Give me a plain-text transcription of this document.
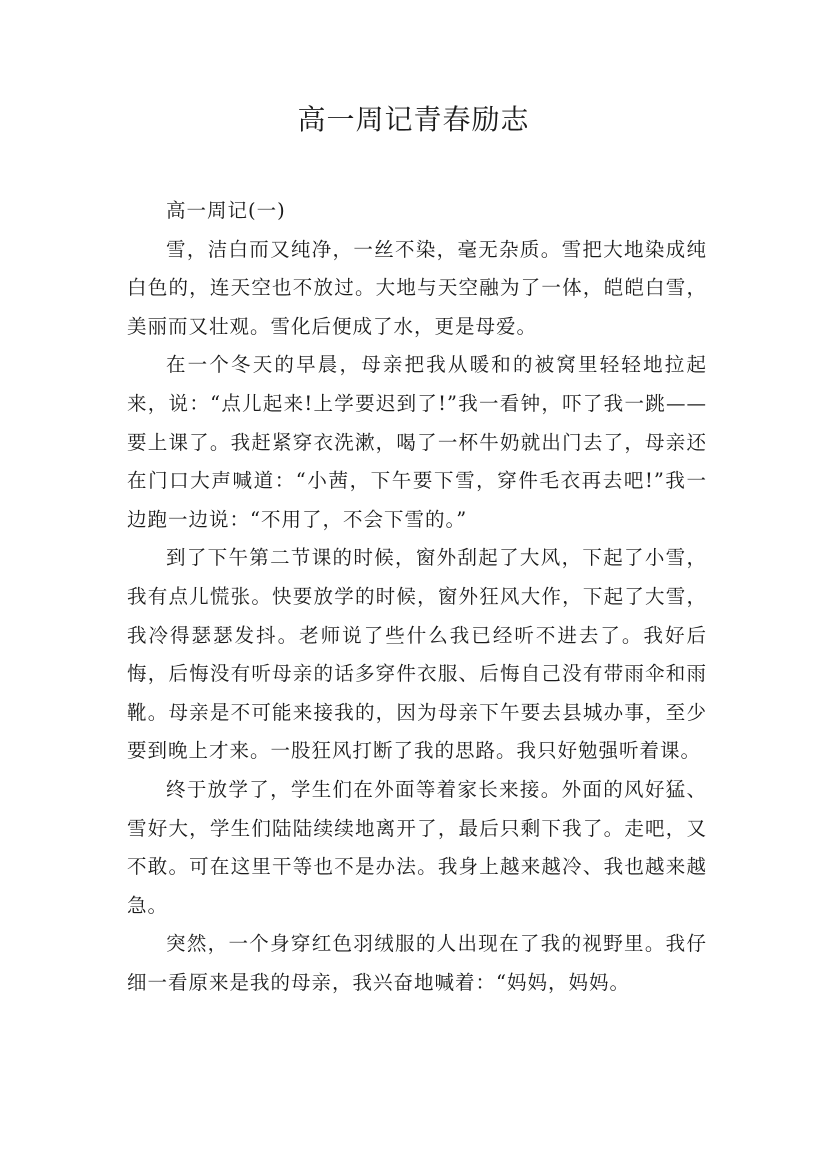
高一周记青春励志

高一周记(一)

雪，洁白而又纯净，一丝不染，毫无杂质。雪把大地染成纯白色的，连天空也不放过。大地与天空融为了一体，皑皑白雪，美丽而又壮观。雪化后便成了水，更是母爱。

在一个冬天的早晨，母亲把我从暖和的被窝里轻轻地拉起来，说：“点儿起来!上学要迟到了!”我一看钟，吓了我一跳——要上课了。我赶紧穿衣洗漱，喝了一杯牛奶就出门去了，母亲还在门口大声喊道：“小茜，下午要下雪，穿件毛衣再去吧!”我一边跑一边说：“不用了，不会下雪的。”

到了下午第二节课的时候，窗外刮起了大风，下起了小雪，我有点儿慌张。快要放学的时候，窗外狂风大作，下起了大雪，我冷得瑟瑟发抖。老师说了些什么我已经听不进去了。我好后悔，后悔没有听母亲的话多穿件衣服、后悔自己没有带雨伞和雨靴。母亲是不可能来接我的，因为母亲下午要去县城办事，至少要到晚上才来。一股狂风打断了我的思路。我只好勉强听着课。

终于放学了，学生们在外面等着家长来接。外面的风好猛、雪好大，学生们陆陆续续地离开了，最后只剩下我了。走吧，又不敢。可在这里干等也不是办法。我身上越来越冷、我也越来越急。

突然，一个身穿红色羽绒服的人出现在了我的视野里。我仔细一看原来是我的母亲，我兴奋地喊着：“妈妈，妈妈。
